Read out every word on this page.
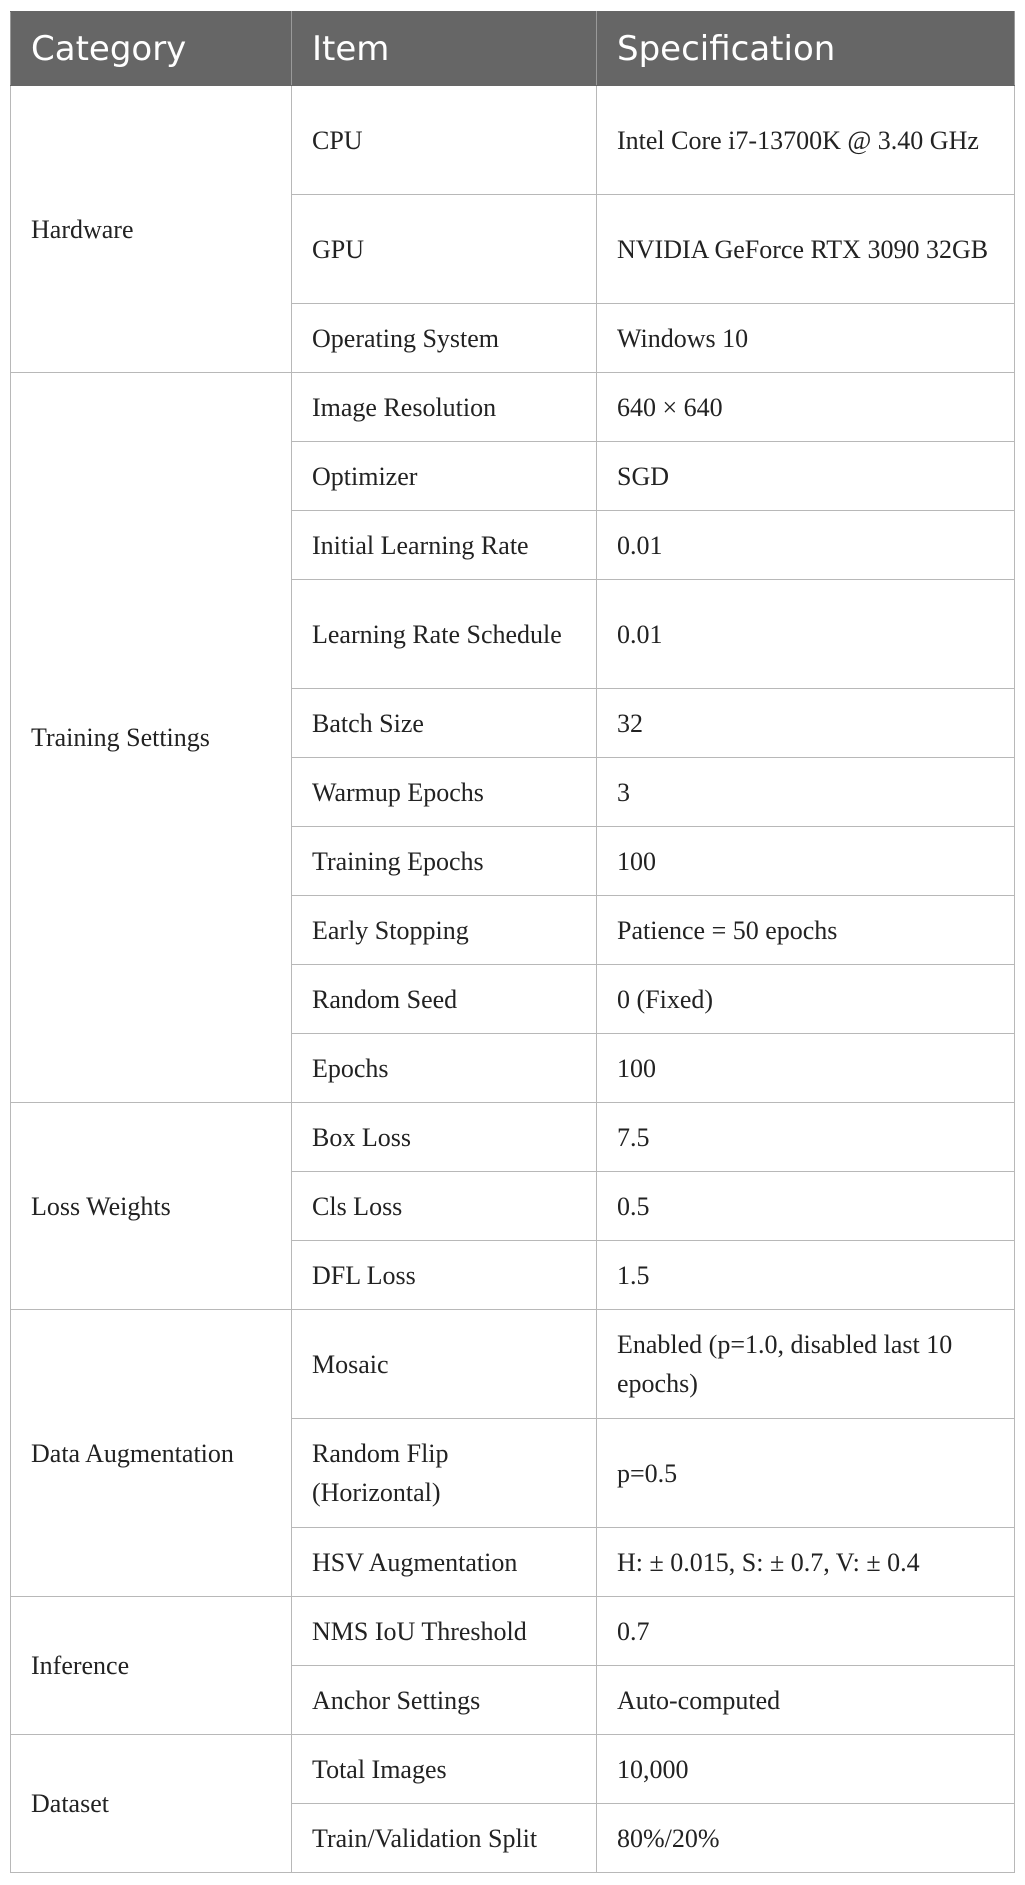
Category	Item	Specification
Hardware	CPU	Intel Core i7-13700K @ 3.40 GHz
	GPU	NVIDIA GeForce RTX 3090 32GB
	Operating System	Windows 10
Training Settings	Image Resolution	640 × 640
	Optimizer	SGD
	Initial Learning Rate	0.01
	Learning Rate Schedule	0.01
	Batch Size	32
	Warmup Epochs	3
	Training Epochs	100
	Early Stopping	Patience = 50 epochs
	Random Seed	0 (Fixed)
	Epochs	100
Loss Weights	Box Loss	7.5
	Cls Loss	0.5
	DFL Loss	1.5
Data Augmentation	Mosaic	Enabled (p=1.0, disabled last 10 epochs)
	Random Flip (Horizontal)	p=0.5
	HSV Augmentation	H: ± 0.015, S: ± 0.7, V: ± 0.4
Inference	NMS IoU Threshold	0.7
	Anchor Settings	Auto-computed
Dataset	Total Images	10,000
	Train/Validation Split	80%/20%
